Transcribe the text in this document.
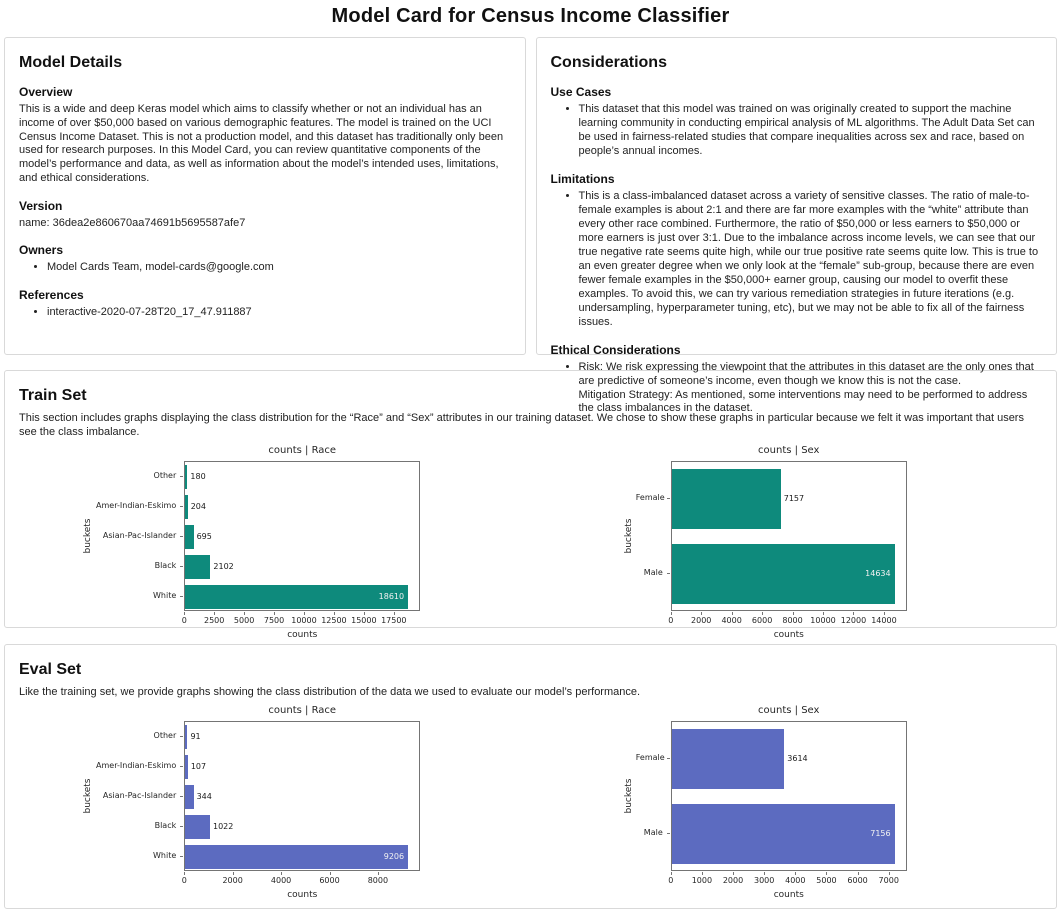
Model Card for Census Income Classifier
Model Details
Overview

This is a wide and deep Keras model which aims to classify whether or not an individual has an income of over $50,000 based on various demographic features. The model is trained on the UCI Census Income Dataset. This is not a production model, and this dataset has traditionally only been used for research purposes. In this Model Card, you can review quantitative components of the model’s performance and data, as well as information about the model’s intended uses, limitations, and ethical considerations.

Version

name: 36dea2e860670aa74691b5695587afe7

Owners
• Model Cards Team, model-cards@google.com
References
• interactive-2020-07-28T20_17_47.911887
Considerations
Use Cases
• This dataset that this model was trained on was originally created to support the machine learning community in conducting empirical analysis of ML algorithms. The Adult Data Set can be used in fairness-related studies that compare inequalities across sex and race, based on people’s annual incomes.
Limitations
• This is a class-imbalanced dataset across a variety of sensitive classes. The ratio of male-to-female examples is about 2:1 and there are far more examples with the “white” attribute than every other race combined. Furthermore, the ratio of $50,000 or less earners to $50,000 or more earners is just over 3:1. Due to the imbalance across income levels, we can see that our true negative rate seems quite high, while our true positive rate seems quite low. This is true to an even greater degree when we only look at the “female” sub-group, because there are even fewer female examples in the $50,000+ earner group, causing our model to overfit these examples. To avoid this, we can try various remediation strategies in future iterations (e.g. undersampling, hyperparameter tuning, etc), but we may not be able to fix all of the fairness issues.
Ethical Considerations
• Risk: We risk expressing the viewpoint that the attributes in this dataset are the only ones that are predictive of someone’s income, even though we know this is not the case.
Mitigation Strategy: As mentioned, some interventions may need to be performed to address the class imbalances in the dataset.
Train Set

This section includes graphs displaying the class distribution for the “Race” and “Sex” attributes in our training dataset. We chose to show these graphs in particular because we felt it was important that users see the class imbalance.

counts | Race
180
204
695
2102
18610
Other
Amer-Indian-Eskimo
Asian-Pac-Islander
Black
White
0	2500	5000	7500 10000 12500 15000 17500
counts
buckets
counts | Sex
7157
14634
Female
Male
0	2000	4000	6000	8000 10000 12000 14000
counts
buckets
Eval Set

Like the training set, we provide graphs showing the class distribution of the data we used to evaluate our model’s performance.

counts | Race
91
107
344
1022
9206
Other
Amer-Indian-Eskimo
Asian-Pac-Islander
Black
White
0	2000	4000	6000	8000
counts
buckets
counts | Sex
3614
7156
Female
Male
0	1000	2000	3000	4000	5000	6000	7000
counts
buckets
